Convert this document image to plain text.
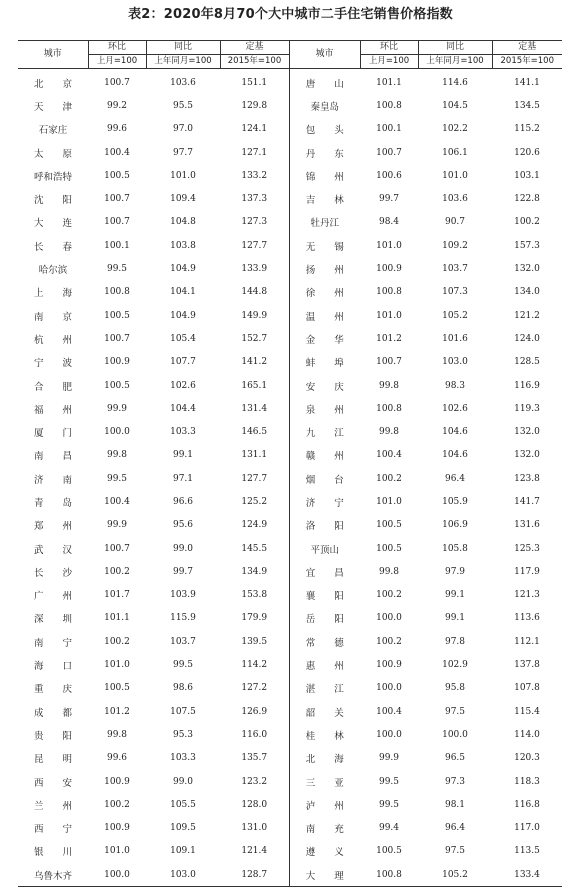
表2：2020年8月70个大中城市二手住宅销售价格指数
城市	环比	同比	定基	城市	环比	同比	定基
	上月=100	上年同月=100	2015年=100		上月=100	上年同月=100	2015年=100
北　　京	100.7	103.6	151.1	唐　　山	101.1	114.6	141.1
天　　津	99.2	95.5	129.8	秦皇岛	100.8	104.5	134.5
石家庄	99.6	97.0	124.1	包　　头	100.1	102.2	115.2
太　　原	100.4	97.7	127.1	丹　　东	100.7	106.1	120.6
呼和浩特	100.5	101.0	133.2	锦　　州	100.6	101.0	103.1
沈　　阳	100.7	109.4	137.3	吉　　林	99.7	103.6	122.8
大　　连	100.7	104.8	127.3	牡丹江	98.4	90.7	100.2
长　　春	100.1	103.8	127.7	无　　锡	101.0	109.2	157.3
哈尔滨	99.5	104.9	133.9	扬　　州	100.9	103.7	132.0
上　　海	100.8	104.1	144.8	徐　　州	100.8	107.3	134.0
南　　京	100.5	104.9	149.9	温　　州	101.0	105.2	121.2
杭　　州	100.7	105.4	152.7	金　　华	101.2	101.6	124.0
宁　　波	100.9	107.7	141.2	蚌　　埠	100.7	103.0	128.5
合　　肥	100.5	102.6	165.1	安　　庆	99.8	98.3	116.9
福　　州	99.9	104.4	131.4	泉　　州	100.8	102.6	119.3
厦　　门	100.0	103.3	146.5	九　　江	99.8	104.6	132.0
南　　昌	99.8	99.1	131.1	赣　　州	100.4	104.6	132.0
济　　南	99.5	97.1	127.7	烟　　台	100.2	96.4	123.8
青　　岛	100.4	96.6	125.2	济　　宁	101.0	105.9	141.7
郑　　州	99.9	95.6	124.9	洛　　阳	100.5	106.9	131.6
武　　汉	100.7	99.0	145.5	平顶山	100.5	105.8	125.3
长　　沙	100.2	99.7	134.9	宜　　昌	99.8	97.9	117.9
广　　州	101.7	103.9	153.8	襄　　阳	100.2	99.1	121.3
深　　圳	101.1	115.9	179.9	岳　　阳	100.0	99.1	113.6
南　　宁	100.2	103.7	139.5	常　　德	100.2	97.8	112.1
海　　口	101.0	99.5	114.2	惠　　州	100.9	102.9	137.8
重　　庆	100.5	98.6	127.2	湛　　江	100.0	95.8	107.8
成　　都	101.2	107.5	126.9	韶　　关	100.4	97.5	115.4
贵　　阳	99.8	95.3	116.0	桂　　林	100.0	100.0	114.0
昆　　明	99.6	103.3	135.7	北　　海	99.9	96.5	120.3
西　　安	100.9	99.0	123.2	三　　亚	99.5	97.3	118.3
兰　　州	100.2	105.5	128.0	泸　　州	99.5	98.1	116.8
西　　宁	100.9	109.5	131.0	南　　充	99.4	96.4	117.0
银　　川	101.0	109.1	121.4	遵　　义	100.5	97.5	113.5
乌鲁木齐	100.0	103.0	128.7	大　　理	100.8	105.2	133.4
